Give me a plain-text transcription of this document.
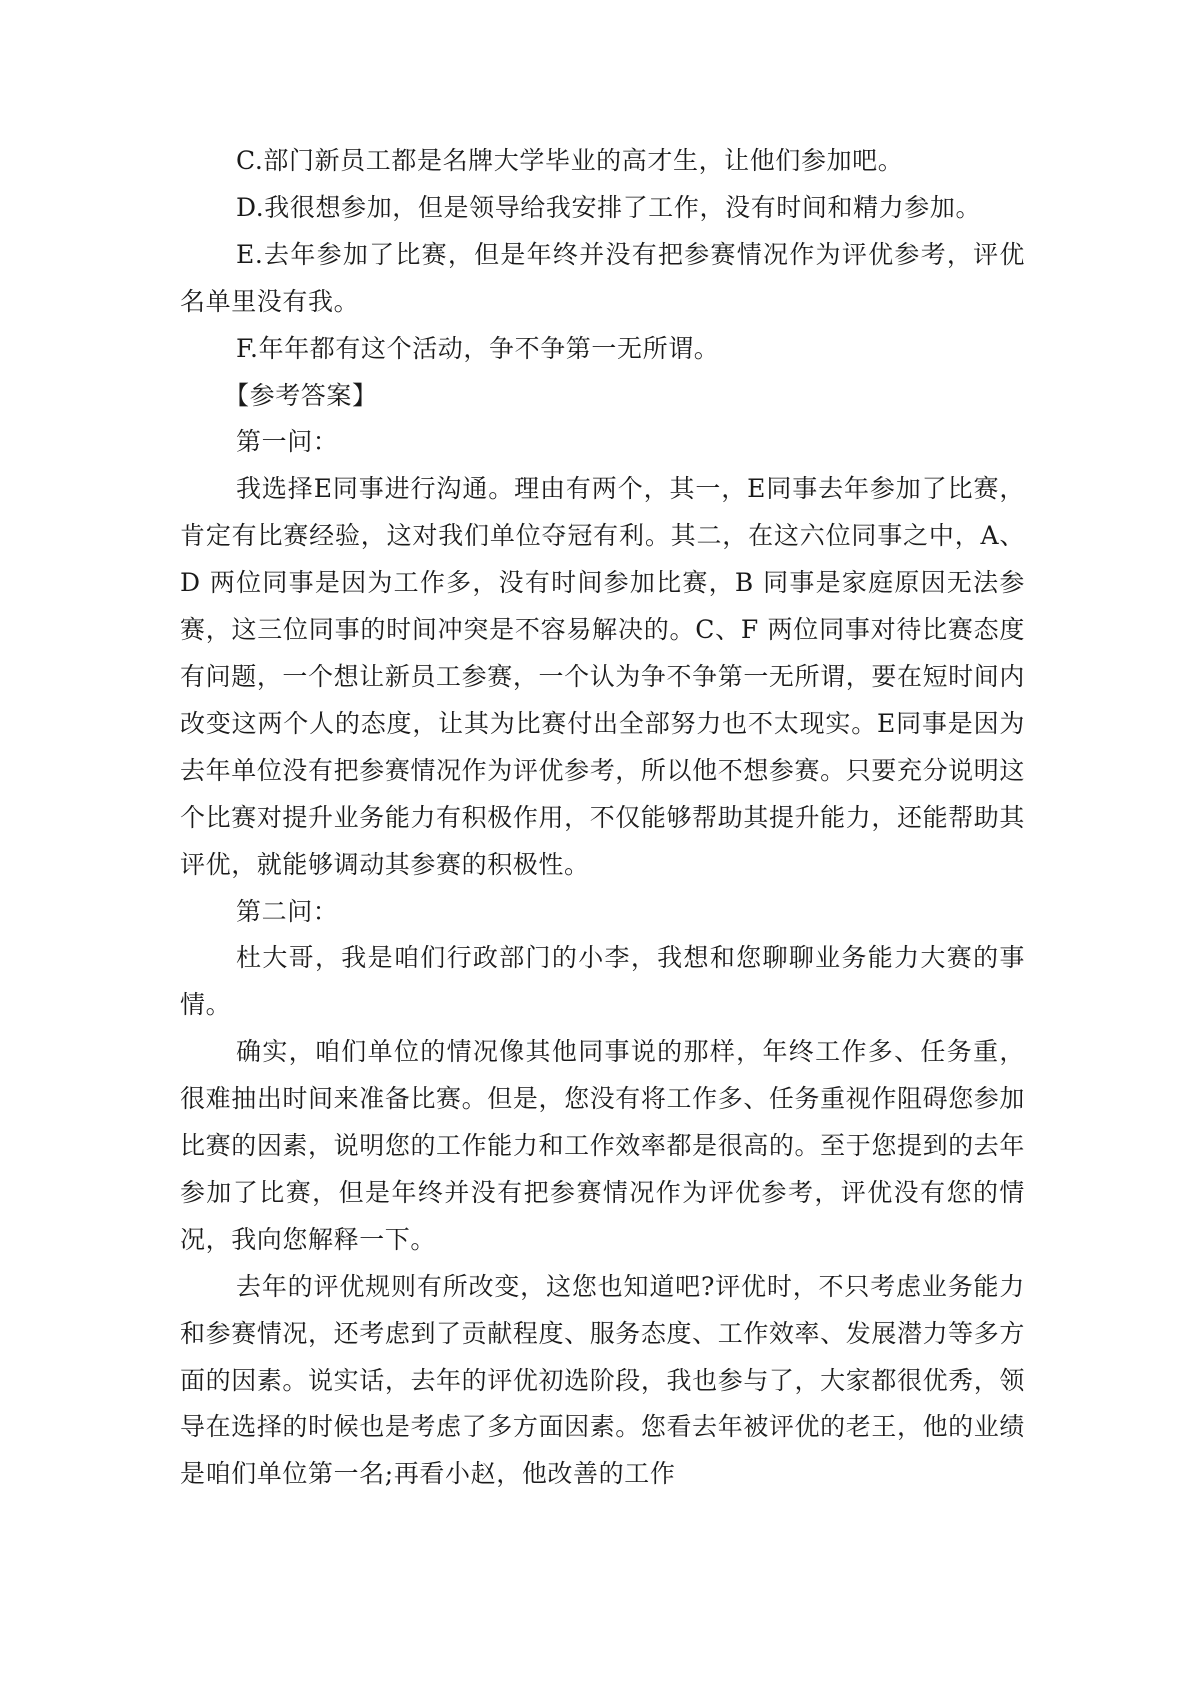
C.部门新员工都是名牌大学毕业的高才生，让他们参加吧。

D.我很想参加，但是领导给我安排了工作，没有时间和精力参加。

E.去年参加了比赛，但是年终并没有把参赛情况作为评优参考，评优名单里没有我。

F.年年都有这个活动，争不争第一无所谓。

【参考答案】

第一问：

我选择E同事进行沟通。理由有两个，其一，E同事去年参加了比赛，肯定有比赛经验，这对我们单位夺冠有利。其二，在这六位同事之中，A、D 两位同事是因为工作多，没有时间参加比赛，B 同事是家庭原因无法参赛，这三位同事的时间冲突是不容易解决的。C、F 两位同事对待比赛态度有问题，一个想让新员工参赛，一个认为争不争第一无所谓，要在短时间内改变这两个人的态度，让其为比赛付出全部努力也不太现实。E同事是因为去年单位没有把参赛情况作为评优参考，所以他不想参赛。只要充分说明这个比赛对提升业务能力有积极作用，不仅能够帮助其提升能力，还能帮助其评优，就能够调动其参赛的积极性。

第二问：

杜大哥，我是咱们行政部门的小李，我想和您聊聊业务能力大赛的事情。

确实，咱们单位的情况像其他同事说的那样，年终工作多、任务重，很难抽出时间来准备比赛。但是，您没有将工作多、任务重视作阻碍您参加比赛的因素，说明您的工作能力和工作效率都是很高的。至于您提到的去年参加了比赛，但是年终并没有把参赛情况作为评优参考，评优没有您的情况，我向您解释一下。

去年的评优规则有所改变，这您也知道吧?评优时，不只考虑业务能力和参赛情况，还考虑到了贡献程度、服务态度、工作效率、发展潜力等多方面的因素。说实话，去年的评优初选阶段，我也参与了，大家都很优秀，领导在选择的时候也是考虑了多方面因素。您看去年被评优的老王，他的业绩是咱们单位第一名;再看小赵，他改善的工作
